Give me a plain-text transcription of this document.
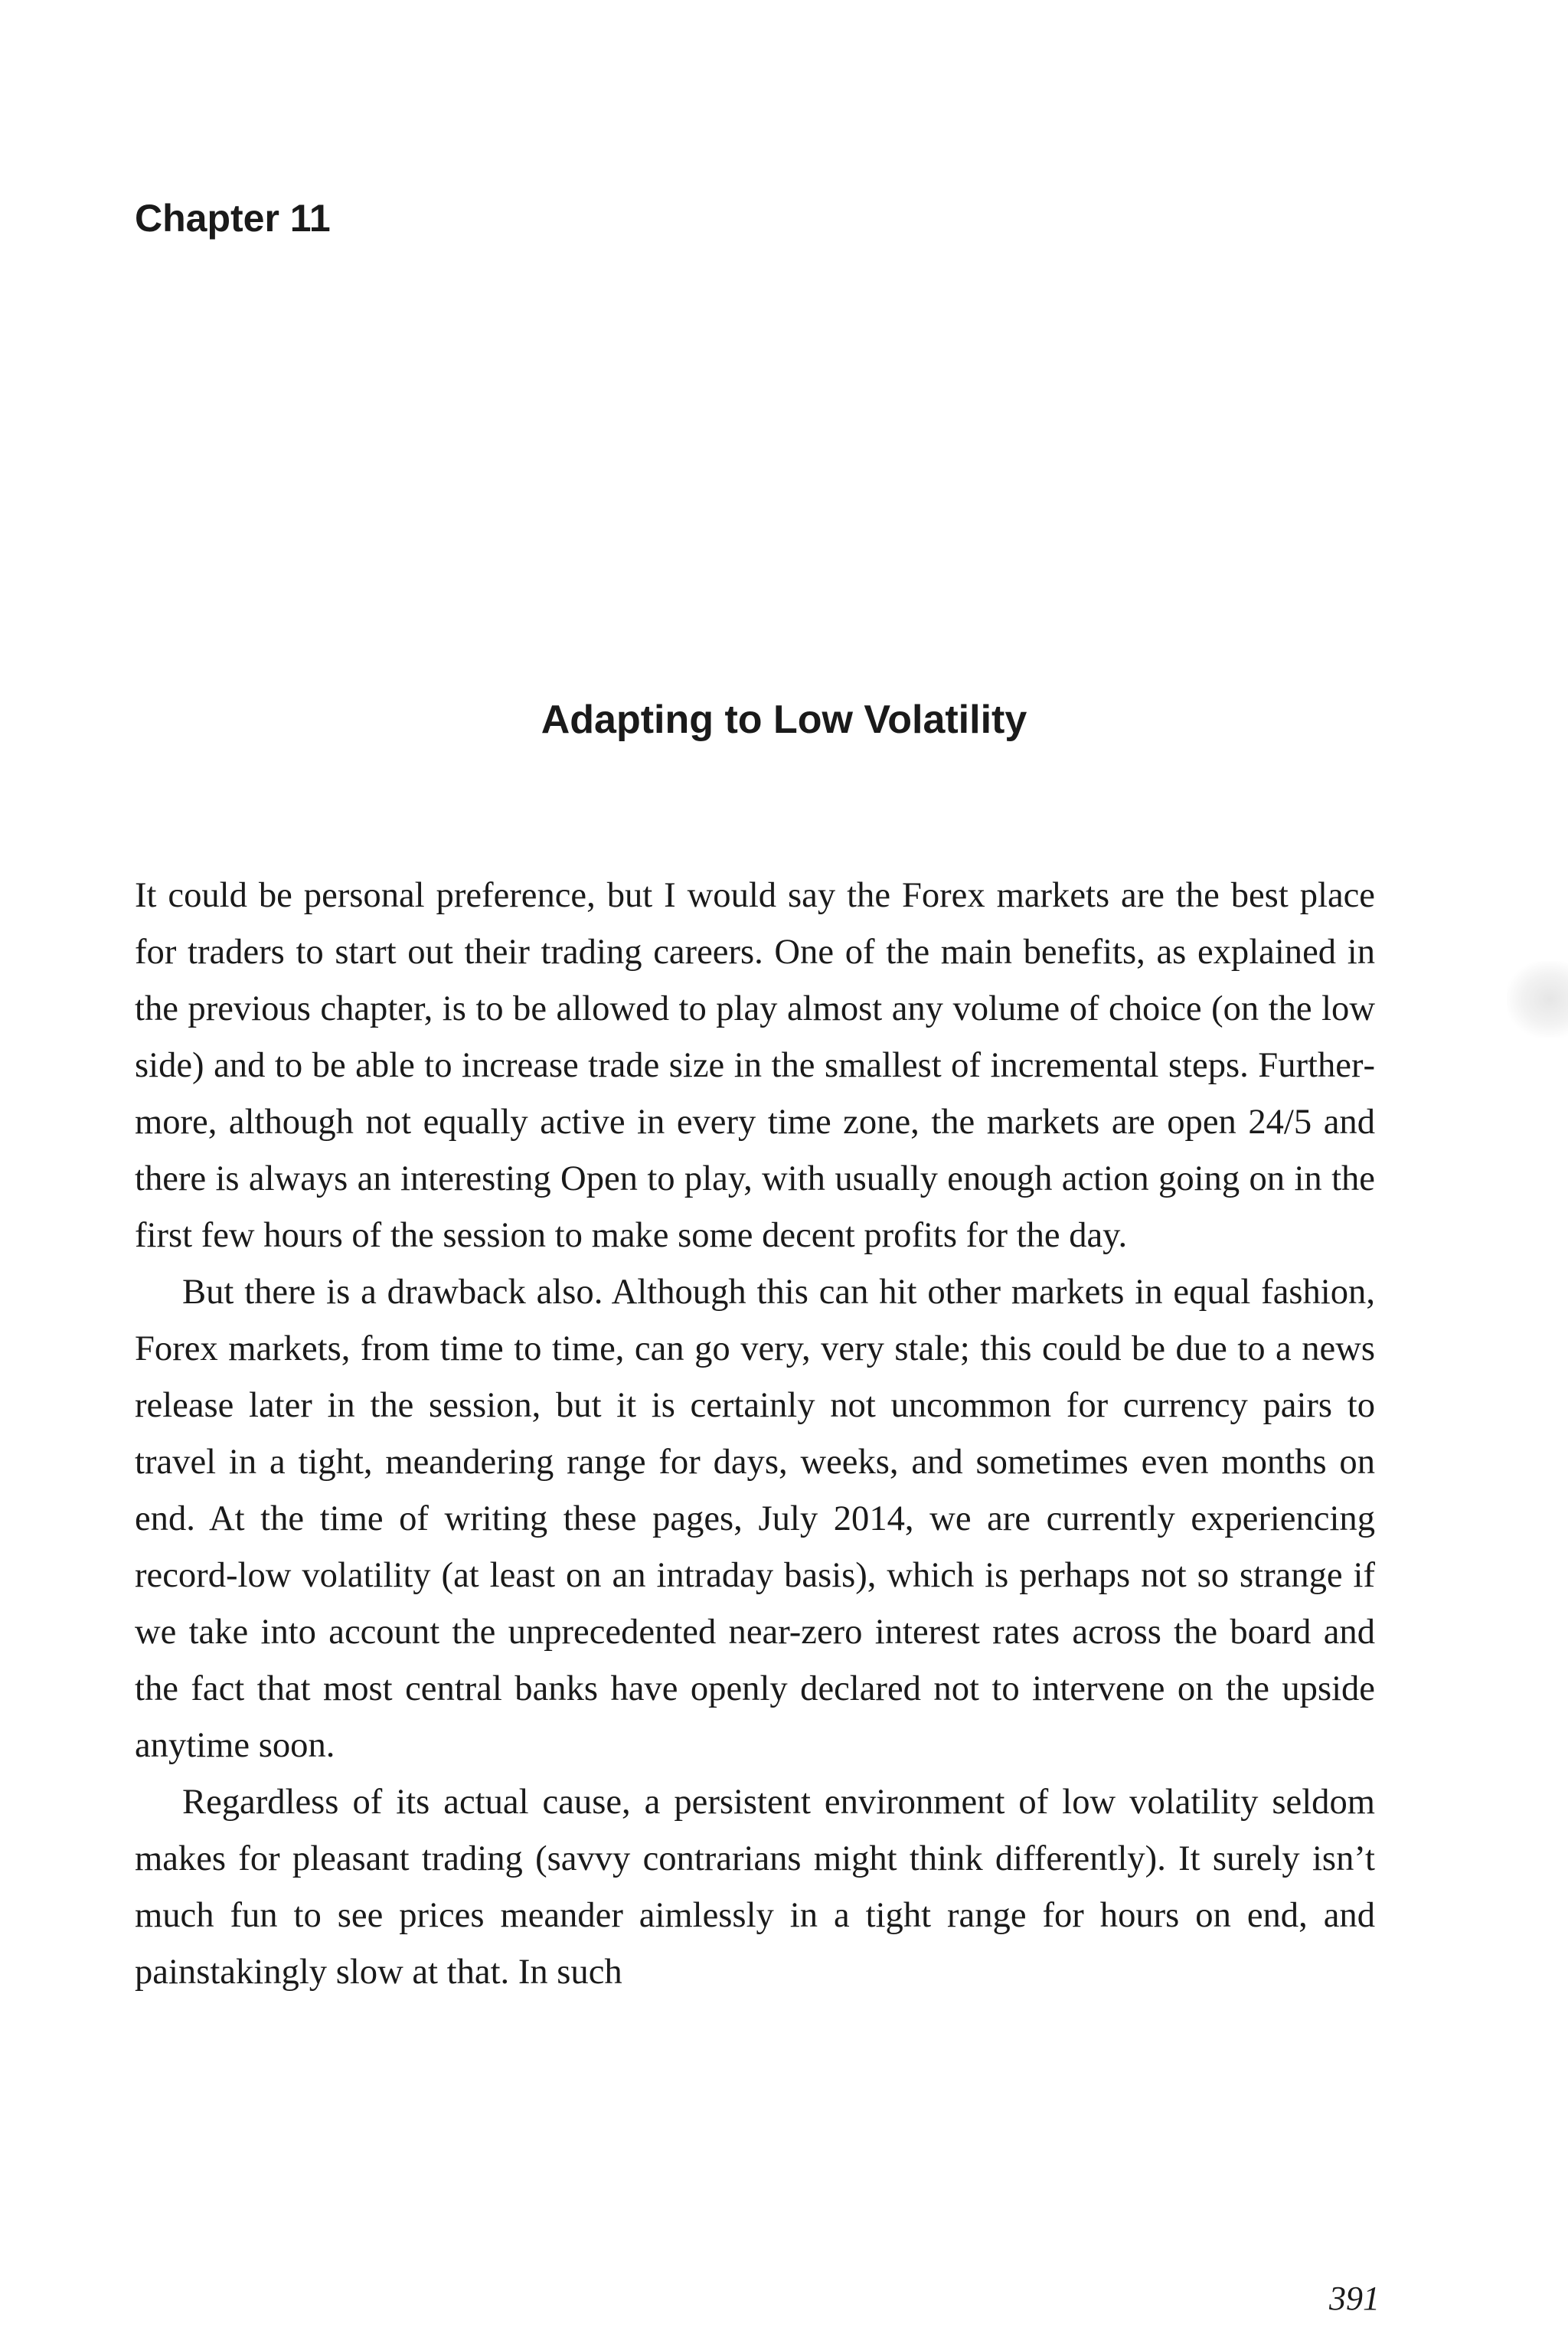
Chapter 11
Adapting to Low Volatility

It could be personal preference, but I would say the Forex markets are the best place for traders to start out their trading careers. One of the main benefits, as explained in the previous chapter, is to be allowed to play almost any volume of choice (on the low side) and to be able to increase trade size in the smallest of incremental steps. Furthermore, although not equally active in every time zone, the markets are open 24/5 and there is always an interesting Open to play, with usually enough action going on in the first few hours of the session to make some decent profits for the day.

But there is a drawback also. Although this can hit other markets in equal fashion, Forex markets, from time to time, can go very, very stale; this could be due to a news release later in the session, but it is certainly not uncommon for currency pairs to travel in a tight, meandering range for days, weeks, and sometimes even months on end. At the time of writing these pages, July 2014, we are currently experiencing record-low volatility (at least on an intraday basis), which is perhaps not so strange if we take into account the unprecedented near-zero interest rates across the board and the fact that most central banks have openly declared not to intervene on the upside anytime soon.

Regardless of its actual cause, a persistent environment of low volatility seldom makes for pleasant trading (savvy contrarians might think differently). It surely isn’t much fun to see prices meander aimlessly in a tight range for hours on end, and painstakingly slow at that. In such

391
